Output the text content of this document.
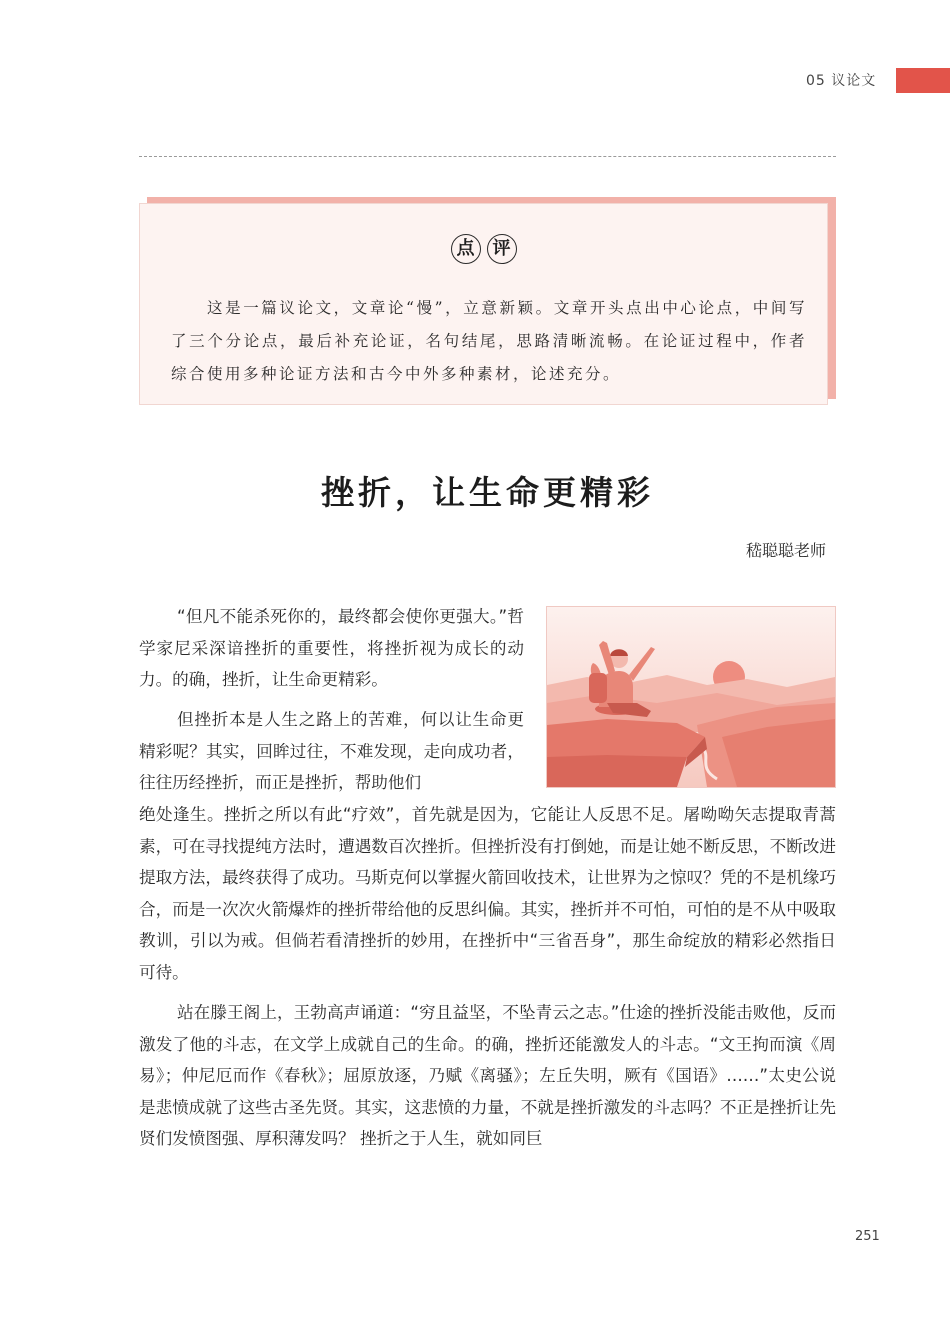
05 议论文
点 评

这是一篇议论文，文章论“慢”，立意新颖。文章开头点出中心论点，中间写了三个分论点，最后补充论证，名句结尾，思路清晰流畅。在论证过程中，作者综合使用多种论证方法和古今中外多种素材，论述充分。

挫折，让生命更精彩
嵇聪聪老师

“但凡不能杀死你的，最终都会使你更强大。”哲学家尼采深谙挫折的重要性，将挫折视为成长的动力。的确，挫折，让生命更精彩。

但挫折本是人生之路上的苦难，何以让生命更精彩呢？其实，回眸过往，不难发现，走向成功者，往往历经挫折，而正是挫折，帮助他们

绝处逢生。挫折之所以有此“疗效”，首先就是因为，它能让人反思不足。屠呦呦矢志提取青蒿素，可在寻找提纯方法时，遭遇数百次挫折。但挫折没有打倒她，而是让她不断反思，不断改进提取方法，最终获得了成功。马斯克何以掌握火箭回收技术，让世界为之惊叹？凭的不是机缘巧合，而是一次次火箭爆炸的挫折带给他的反思纠偏。其实，挫折并不可怕，可怕的是不从中吸取教训，引以为戒。但倘若看清挫折的妙用，在挫折中“三省吾身”，那生命绽放的精彩必然指日可待。

站在滕王阁上，王勃高声诵道：“穷且益坚，不坠青云之志。”仕途的挫折没能击败他，反而激发了他的斗志，在文学上成就自己的生命。的确，挫折还能激发人的斗志。“文王拘而演《周易》；仲尼厄而作《春秋》；屈原放逐，乃赋《离骚》；左丘失明，厥有《国语》……”太史公说是悲愤成就了这些古圣先贤。其实，这悲愤的力量，不就是挫折激发的斗志吗？不正是挫折让先贤们发愤图强、厚积薄发吗？ 挫折之于人生，就如同巨

251
